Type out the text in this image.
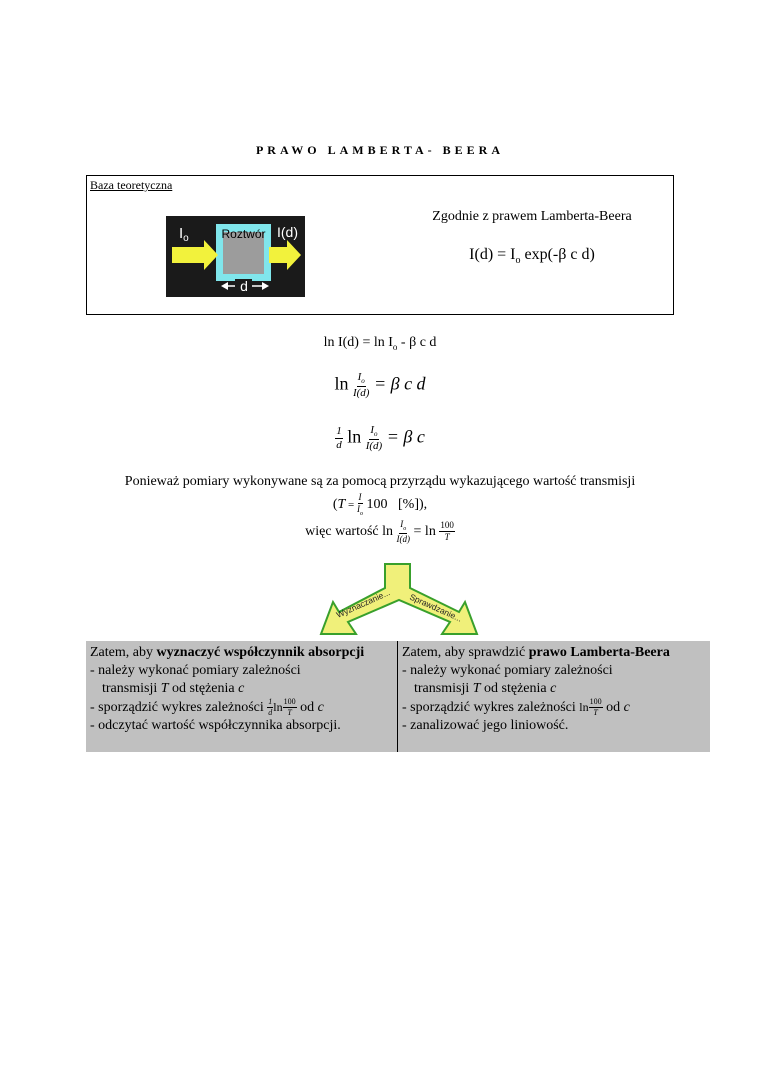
PRAWO LAMBERTA- BEERA
Baza teoretyczna
$I_o$	Roztwór I(d)
d
Zgodnie z prawem Lamberta-Beera
$I(d) = I_o$ exp(-β c d)
$\ln I(d) = \ln I_o - \beta$ c d
$\ln \frac{I_o}{I(d)} = \beta$ c d
$\frac{1}{d}$ $\ln \frac{I_o}{I(d)} = \beta$ c
Ponieważ pomiary wykonywane są za pomocą przyrządu wykazującego wartość transmisji
($T = \frac{I}{I_o} 100$ [%]),
więc wartość $\ln \frac{I_o}{I(d)} = \ln \frac{100}{T}$
Wyznaczanie... Sprawdzanie...
Zatem, aby wyznaczyć współczynnik absorpcji
- należy wykonać pomiary zależności
transmisji T od stężenia c
- sporządzić wykres zależności $\frac{1}{d}$ $\ln \frac{100}{T}$ od c
- odczytać wartość współczynnika absorpcji.
Zatem, aby sprawdzić prawo Lamberta-Beera
- należy wykonać pomiary zależności
transmisji T od stężenia c
- sporządzić wykres zależności $\ln \frac{100}{T}$ od c
- zanalizować jego liniowość.
